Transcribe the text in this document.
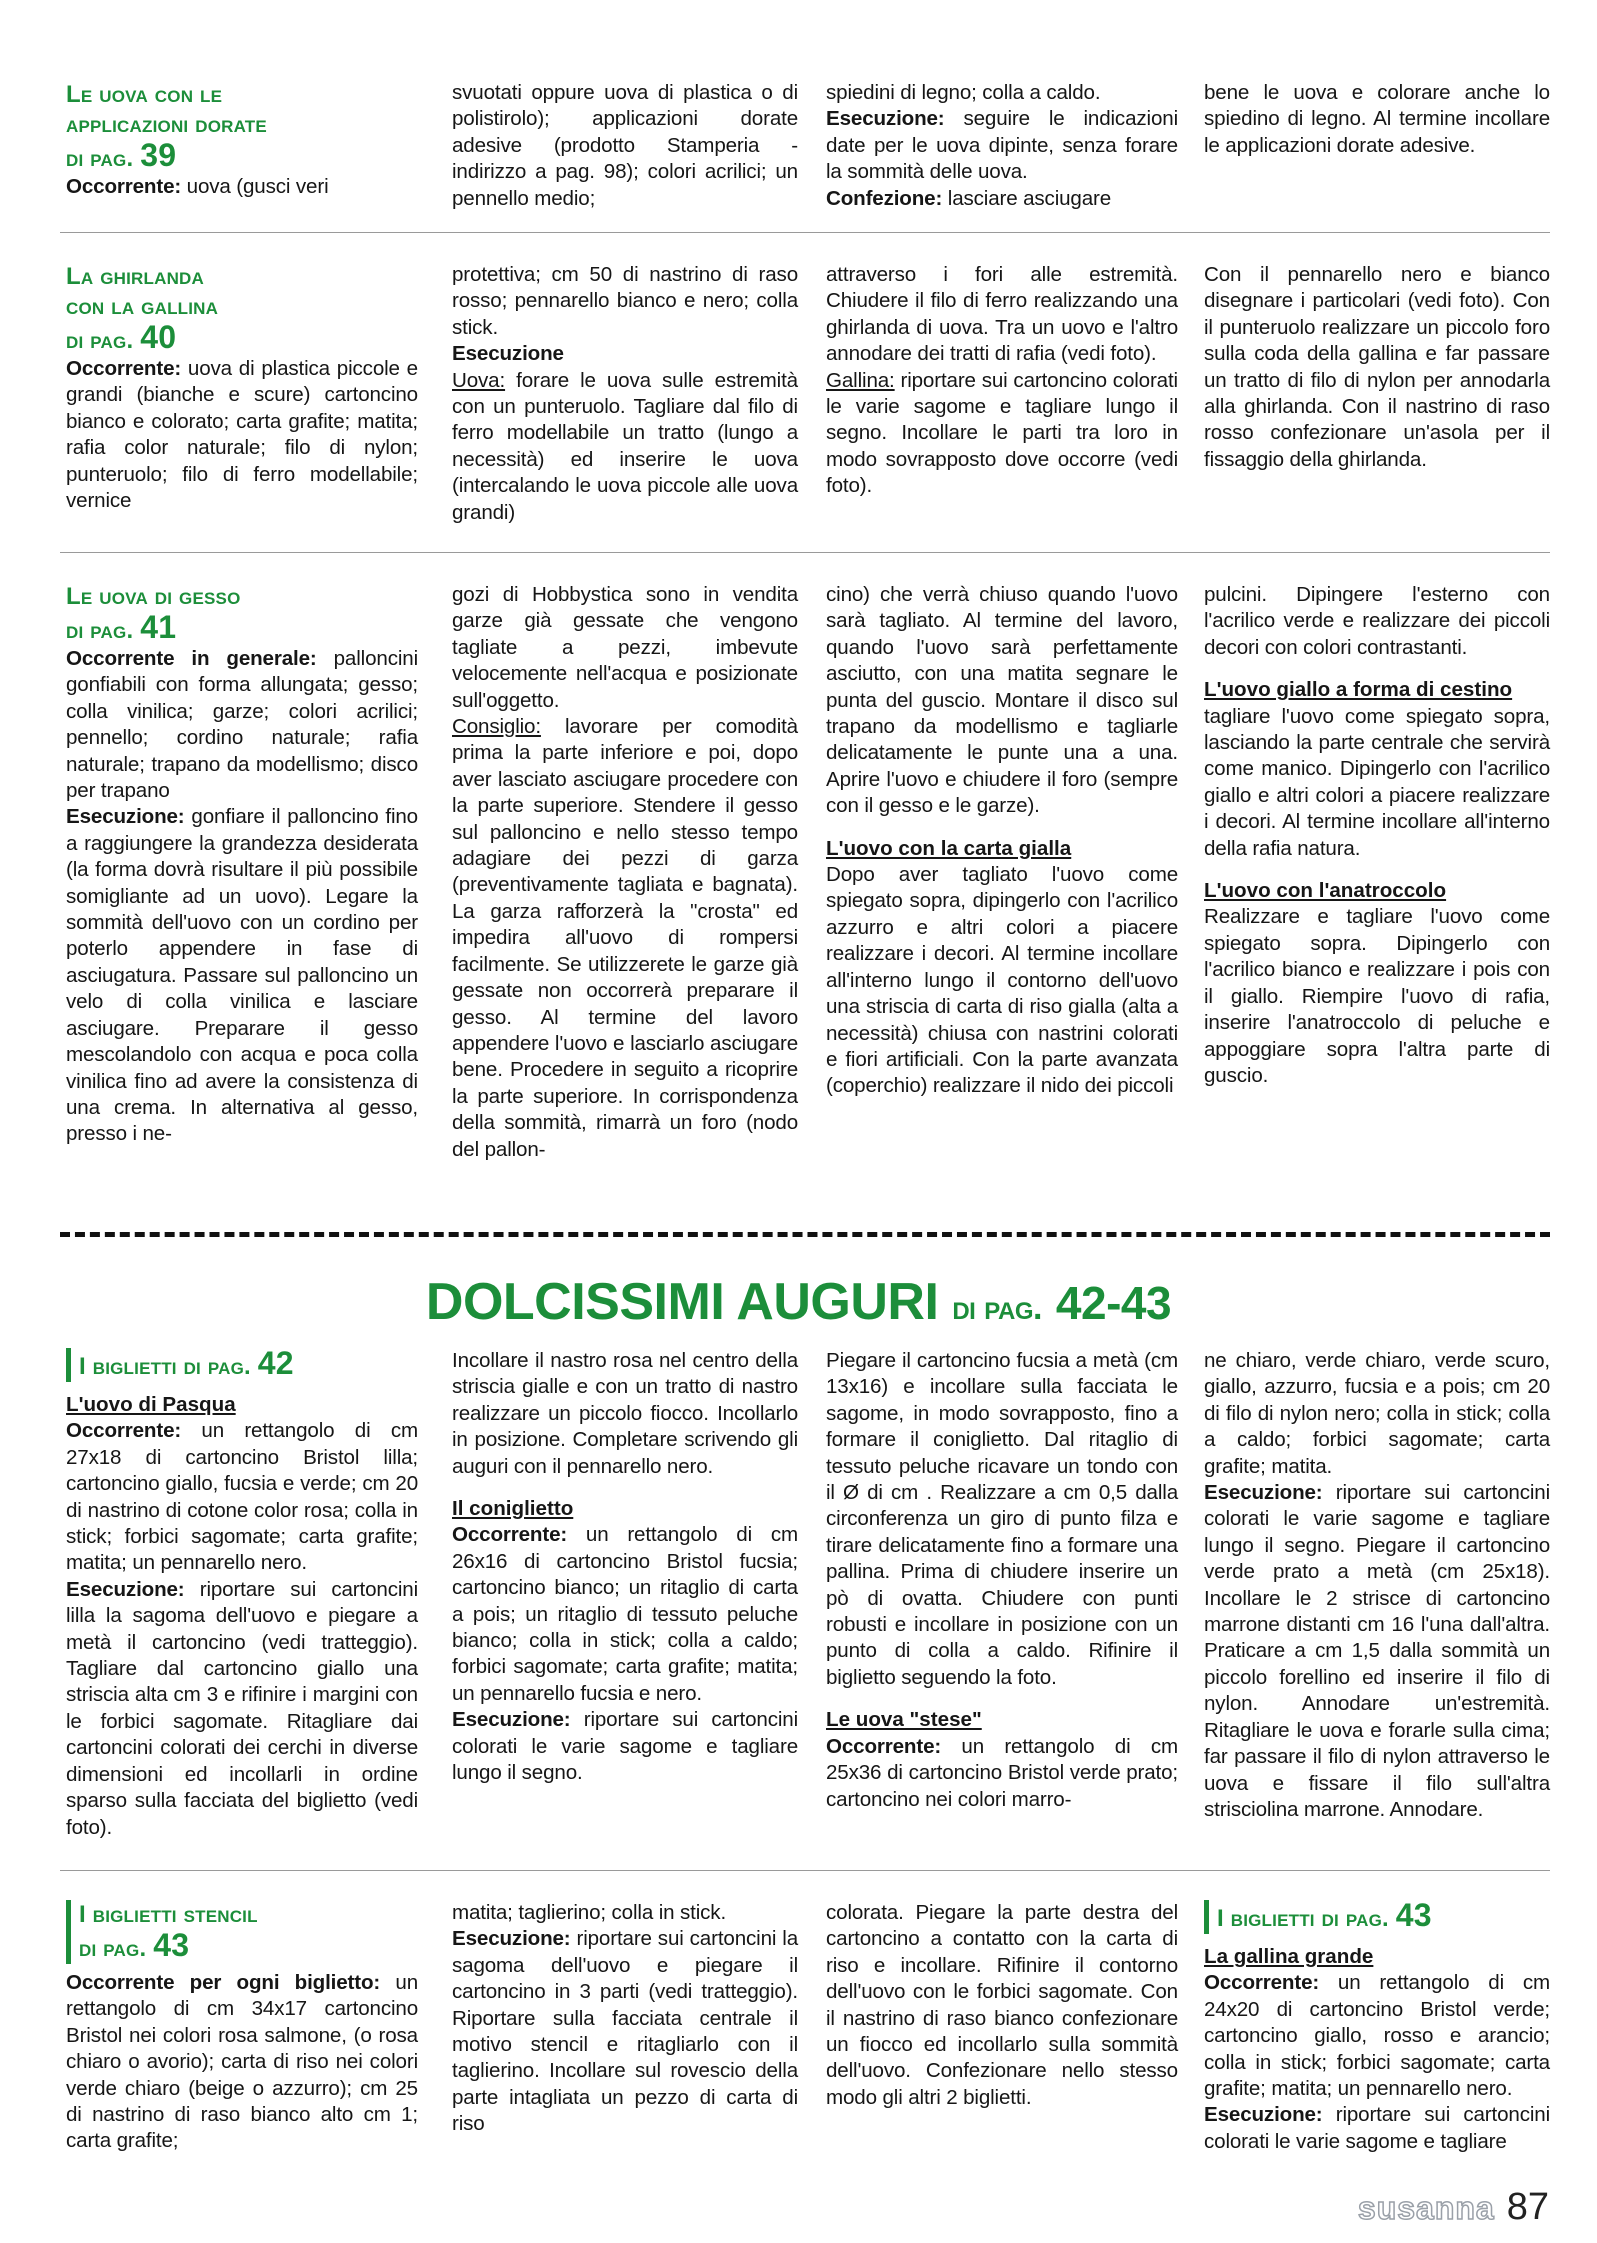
Le uova con le
applicazioni dorate
di pag. 39

Occorrente: uova (gusci veri

svuotati oppure uova di plastica o di polistirolo); applicazioni dorate adesive (prodotto Stamperia - indirizzo a pag. 98); colori acrilici; un pennello medio;

spiedini di legno; colla a caldo.
Esecuzione: seguire le indicazioni date per le uova dipinte, senza forare la sommità delle uova.
Confezione: lasciare asciugare

bene le uova e colorare anche lo spiedino di legno. Al termine incollare le applicazioni dorate adesive.

La ghirlanda
con la gallina
di pag. 40

Occorrente: uova di plastica piccole e grandi (bianche e scure) cartoncino bianco e colorato; carta grafite; matita; rafia color naturale; filo di nylon; punteruolo; filo di ferro modellabile; vernice

protettiva; cm 50 di nastrino di raso rosso; pennarello bianco e nero; colla stick.
Esecuzione
Uova: forare le uova sulle estremità con un punteruolo. Tagliare dal filo di ferro modellabile un tratto (lungo a necessità) ed inserire le uova (intercalando le uova piccole alle uova grandi)

attraverso i fori alle estremità. Chiudere il filo di ferro realizzando una ghirlanda di uova. Tra un uovo e l'altro annodare dei tratti di rafia (vedi foto).
Gallina: riportare sui cartoncino colorati le varie sagome e tagliare lungo il segno. Incollare le parti tra loro in modo sovrapposto dove occorre (vedi foto).

Con il pennarello nero e bianco disegnare i particolari (vedi foto). Con il punteruolo realizzare un piccolo foro sulla coda della gallina e far passare un tratto di filo di nylon per annodarla alla ghirlanda. Con il nastrino di raso rosso confezionare un'asola per il fissaggio della ghirlanda.

Le uova di gesso
di pag. 41

Occorrente in generale: palloncini gonfiabili con forma allungata; gesso; colla vinilica; garze; colori acrilici; pennello; cordino naturale; rafia naturale; trapano da modellismo; disco per trapano
Esecuzione: gonfiare il palloncino fino a raggiungere la grandezza desiderata (la forma dovrà risultare il più possibile somigliante ad un uovo). Legare la sommità dell'uovo con un cordino per poterlo appendere in fase di asciugatura. Passare sul palloncino un velo di colla vinilica e lasciare asciugare. Preparare il gesso mescolandolo con acqua e poca colla vinilica fino ad avere la consistenza di una crema. In alternativa al gesso, presso i ne-

gozi di Hobbystica sono in vendita garze già gessate che vengono tagliate a pezzi, imbevute velocemente nell'acqua e posizionate sull'oggetto.
Consiglio: lavorare per comodità prima la parte inferiore e poi, dopo aver lasciato asciugare procedere con la parte superiore. Stendere il gesso sul palloncino e nello stesso tempo adagiare dei pezzi di garza (preventivamente tagliata e bagnata). La garza rafforzerà la "crosta" ed impedira all'uovo di rompersi facilmente. Se utilizzerete le garze già gessate non occorrerà preparare il gesso. Al termine del lavoro appendere l'uovo e lasciarlo asciugare bene. Procedere in seguito a ricoprire la parte superiore. In corrispondenza della sommità, rimarrà un foro (nodo del pallon-

cino) che verrà chiuso quando l'uovo sarà tagliato. Al termine del lavoro, quando l'uovo sarà perfettamente asciutto, con una matita segnare le punta del guscio. Montare il disco sul trapano da modellismo e tagliarle delicatamente le punte una a una. Aprire l'uovo e chiudere il foro (sempre con il gesso e le garze).

L'uovo con la carta gialla

Dopo aver tagliato l'uovo come spiegato sopra, dipingerlo con l'acrilico azzurro e altri colori a piacere realizzare i decori. Al termine incollare all'interno lungo il contorno dell'uovo una striscia di carta di riso gialla (alta a necessità) chiusa con nastrini colorati e fiori artificiali. Con la parte avanzata (coperchio) realizzare il nido dei piccoli

pulcini. Dipingere l'esterno con l'acrilico verde e realizzare dei piccoli decori con colori contrastanti.

L'uovo giallo a forma di cestino

tagliare l'uovo come spiegato sopra, lasciando la parte centrale che servirà come manico. Dipingerlo con l'acrilico giallo e altri colori a piacere realizzare i decori. Al termine incollare all'interno della rafia natura.

L'uovo con l'anatroccolo

Realizzare e tagliare l'uovo come spiegato sopra. Dipingerlo con l'acrilico bianco e realizzare i pois con il giallo. Riempire l'uovo di rafia, inserire l'anatroccolo di peluche e appoggiare sopra l'altra parte di guscio.

DOLCISSIMI AUGURI di pag. 42-43
I biglietti di pag. 42
L'uovo di Pasqua

Occorrente: un rettangolo di cm 27x18 di cartoncino Bristol lilla; cartoncino giallo, fucsia e verde; cm 20 di nastrino di cotone color rosa; colla in stick; forbici sagomate; carta grafite; matita; un pennarello nero.
Esecuzione: riportare sui cartoncini lilla la sagoma dell'uovo e piegare a metà il cartoncino (vedi tratteggio). Tagliare dal cartoncino giallo una striscia alta cm 3 e rifinire i margini con le forbici sagomate. Ritagliare dai cartoncini colorati dei cerchi in diverse dimensioni ed incollarli in ordine sparso sulla facciata del biglietto (vedi foto).

Incollare il nastro rosa nel centro della striscia gialle e con un tratto di nastro realizzare un piccolo fiocco. Incollarlo in posizione. Completare scrivendo gli auguri con il pennarello nero.

Il coniglietto

Occorrente: un rettangolo di cm 26x16 di cartoncino Bristol fucsia; cartoncino bianco; un ritaglio di carta a pois; un ritaglio di tessuto peluche bianco; colla in stick; colla a caldo; forbici sagomate; carta grafite; matita; un pennarello fucsia e nero.
Esecuzione: riportare sui cartoncini colorati le varie sagome e tagliare lungo il segno.

Piegare il cartoncino fucsia a metà (cm 13x16) e incollare sulla facciata le sagome, in modo sovrapposto, fino a formare il coniglietto. Dal ritaglio di tessuto peluche ricavare un tondo con il Ø di cm . Realizzare a cm 0,5 dalla circonferenza un giro di punto filza e tirare delicatamente fino a formare una pallina. Prima di chiudere inserire un pò di ovatta. Chiudere con punti robusti e incollare in posizione con un punto di colla a caldo. Rifinire il biglietto seguendo la foto.

Le uova "stese"

Occorrente: un rettangolo di cm 25x36 di cartoncino Bristol verde prato; cartoncino nei colori marro-

ne chiaro, verde chiaro, verde scuro, giallo, azzurro, fucsia e a pois; cm 20 di filo di nylon nero; colla in stick; colla a caldo; forbici sagomate; carta grafite; matita.
Esecuzione: riportare sui cartoncini colorati le varie sagome e tagliare lungo il segno. Piegare il cartoncino verde prato a metà (cm 25x18). Incollare le 2 strisce di cartoncino marrone distanti cm 16 l'una dall'altra. Praticare a cm 1,5 dalla sommità un piccolo forellino ed inserire il filo di nylon. Annodare un'estremità. Ritagliare le uova e forarle sulla cima; far passare il filo di nylon attraverso le uova e fissare il filo sull'altra strisciolina marrone. Annodare.

I biglietti stencil
di pag. 43

Occorrente per ogni biglietto: un rettangolo di cm 34x17 cartoncino Bristol nei colori rosa salmone, (o rosa chiaro o avorio); carta di riso nei colori verde chiaro (beige o azzurro); cm 25 di nastrino di raso bianco alto cm 1; carta grafite;

matita; taglierino; colla in stick.
Esecuzione: riportare sui cartoncini la sagoma dell'uovo e piegare il cartoncino in 3 parti (vedi tratteggio). Riportare sulla facciata centrale il motivo stencil e ritagliarlo con il taglierino. Incollare sul rovescio della parte intagliata un pezzo di carta di riso

colorata. Piegare la parte destra del cartoncino a contatto con la carta di riso e incollare. Rifinire il contorno dell'uovo con le forbici sagomate. Con il nastrino di raso bianco confezionare un fiocco ed incollarlo sulla sommità dell'uovo. Confezionare nello stesso modo gli altri 2 biglietti.

I biglietti di pag. 43
La gallina grande

Occorrente: un rettangolo di cm 24x20 di cartoncino Bristol verde; cartoncino giallo, rosso e arancio; colla in stick; forbici sagomate; carta grafite; matita; un pennarello nero.
Esecuzione: riportare sui cartoncini colorati le varie sagome e tagliare

susanna 87
